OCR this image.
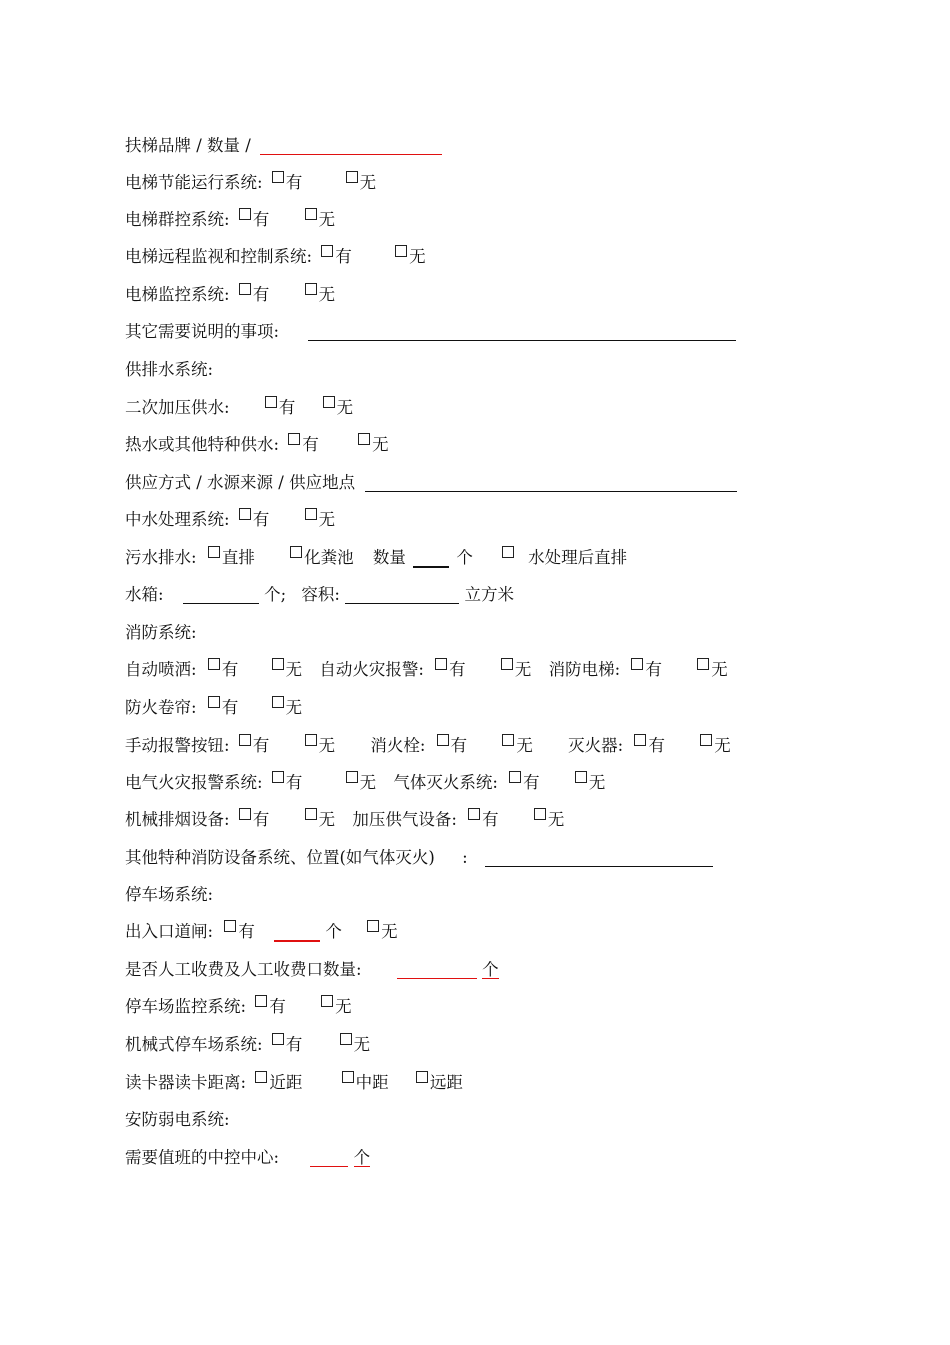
扶梯品牌 / 数量 /
电梯节能运行系统: 有	无
电梯群控系统: 有	无
电梯远程监视和控制系统: 有	无
电梯监控系统: 有	无
其它需要说明的事项:
供排水系统:
二次加压供水:	有	无
热水或其他特种供水: 有	无
供应方式 / 水源来源 / 供应地点
中水处理系统: 有	无
污水排水: 直排	化粪池 数量	个	水处理后直排
水箱:	个; 容积:	立方米
消防系统:
自动喷洒: 有	无 自动火灾报警: 有	无 消防电梯: 有	无
防火卷帘: 有	无
手动报警按钮: 有	无 消火栓: 有	无 灭火器: 有	无
电气火灾报警系统: 有	无 气体灭火系统: 有	无
机械排烟设备: 有	无 加压供气设备: 有	无
其他特种消防设备系统、位置(如气体灭火) :
停车场系统:
出入口道闸: 有	个 无
是否人工收费及人工收费口数量:	个
停车场监控系统: 有	无
机械式停车场系统: 有	无
读卡器读卡距离: 近距	中距	远距
安防弱电系统:
需要值班的中控中心:	个
